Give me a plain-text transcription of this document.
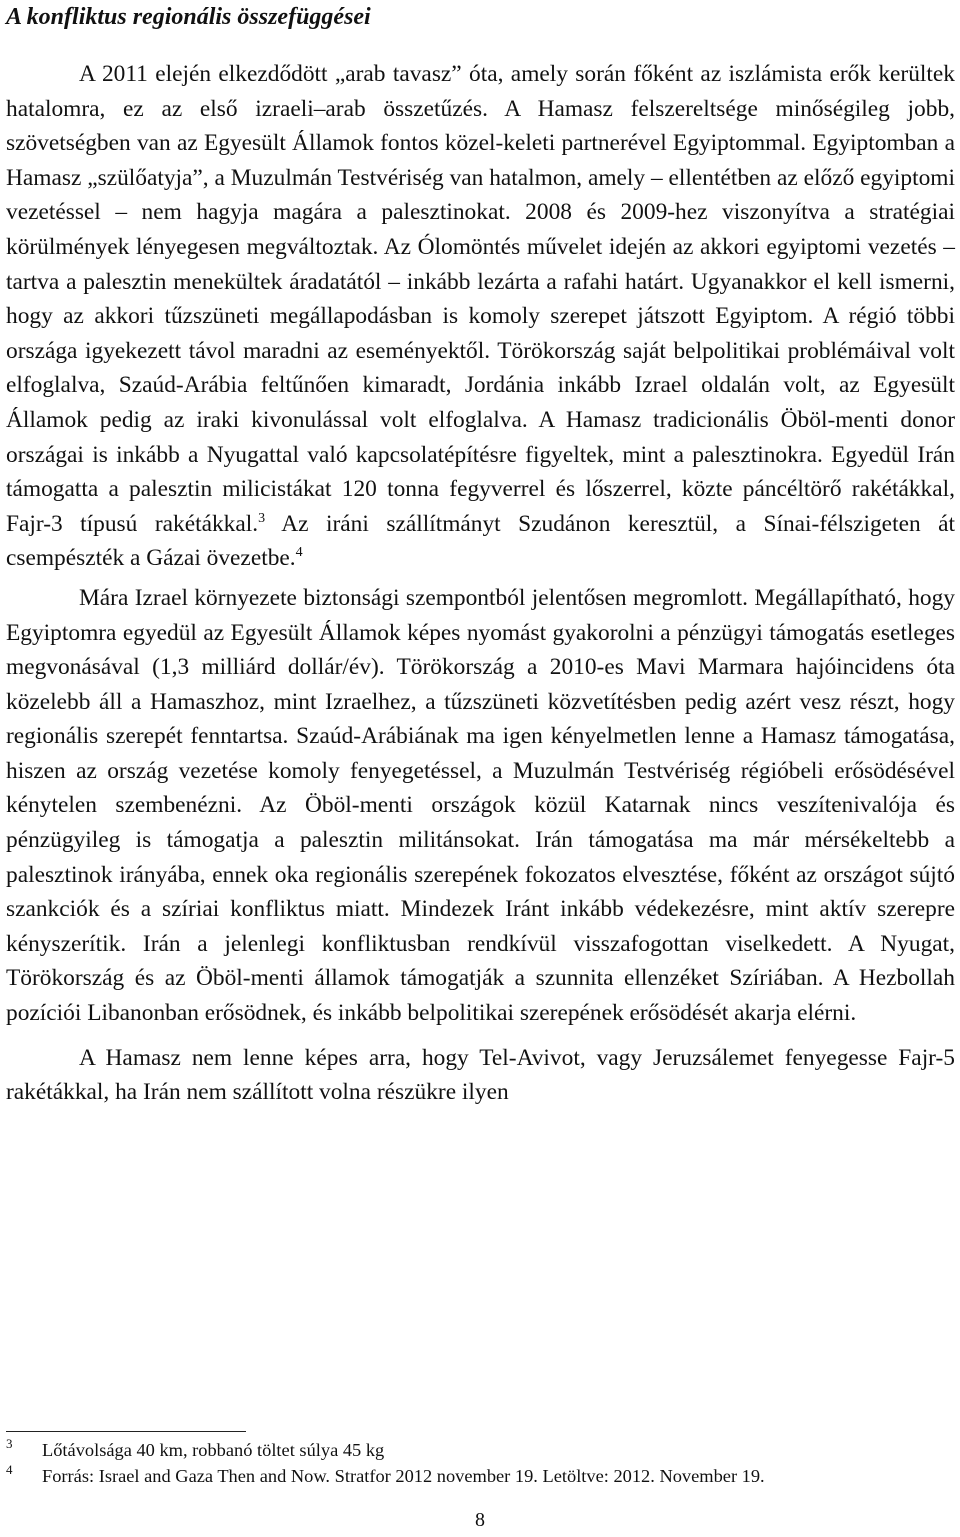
A konfliktus regionális összefüggései

A 2011 elején elkezdődött „arab tavasz” óta, amely során főként az iszlámista erők kerültek hatalomra, ez az első izraeli–arab összetűzés. A Hamasz felszereltsége minőségileg jobb, szövetségben van az Egyesült Államok fontos közel-keleti partnerével Egyiptommal. Egyiptomban a Hamasz „szülőatyja”, a Muzulmán Testvériség van hatalmon, amely – ellentétben az előző egyiptomi vezetéssel – nem hagyja magára a palesztinokat. 2008 és 2009-hez viszonyítva a stratégiai körülmények lényegesen megváltoztak. Az Ólomöntés művelet idején az akkori egyiptomi vezetés – tartva a palesztin menekültek áradatától – inkább lezárta a rafahi határt. Ugyanakkor el kell ismerni, hogy az akkori tűzszüneti megállapodásban is komoly szerepet játszott Egyiptom. A régió többi országa igyekezett távol maradni az eseményektől. Törökország saját belpolitikai problémáival volt elfoglalva, Szaúd-Arábia feltűnően kimaradt, Jordánia inkább Izrael oldalán volt, az Egyesült Államok pedig az iraki kivonulással volt elfoglalva. A Hamasz tradicionális Öböl-menti donor országai is inkább a Nyugattal való kapcsolatépítésre figyeltek, mint a palesztinokra. Egyedül Irán támogatta a palesztin milicistákat 120 tonna fegyverrel és lőszerrel, közte páncéltörő rakétákkal, Fajr-3 típusú rakétákkal.$^3$ Az iráni szállítmányt Szudánon keresztül, a Sínai-félszigeten át csempészték a Gázai övezetbe.$^4$

Mára Izrael környezete biztonsági szempontból jelentősen megromlott. Megállapítható, hogy Egyiptomra egyedül az Egyesült Államok képes nyomást gyakorolni a pénzügyi támogatás esetleges megvonásával (1,3 milliárd dollár/év). Törökország a 2010-es Mavi Marmara hajóincidens óta közelebb áll a Hamaszhoz, mint Izraelhez, a tűzszüneti közvetítésben pedig azért vesz részt, hogy regionális szerepét fenntartsa. Szaúd-Arábiának ma igen kényelmetlen lenne a Hamasz támogatása, hiszen az ország vezetése komoly fenyegetéssel, a Muzulmán Testvériség régióbeli erősödésével kénytelen szembenézni. Az Öböl-menti országok közül Katarnak nincs veszítenivalója és pénzügyileg is támogatja a palesztin militánsokat. Irán támogatása ma már mérsékeltebb a palesztinok irányába, ennek oka regionális szerepének fokozatos elvesztése, főként az országot sújtó szankciók és a szíriai konfliktus miatt. Mindezek Iránt inkább védekezésre, mint aktív szerepre kényszerítik. Irán a jelenlegi konfliktusban rendkívül visszafogottan viselkedett. A Nyugat, Törökország és az Öböl-menti államok támogatják a szunnita ellenzéket Szíriában. A Hezbollah pozíciói Libanonban erősödnek, és inkább belpolitikai szerepének erősödését akarja elérni.

A Hamasz nem lenne képes arra, hogy Tel-Avivot, vagy Jeruzsálemet fenyegesse Fajr-5 rakétákkal, ha Irán nem szállított volna részükre ilyen

3 Lőtávolsága 40 km, robbanó töltet súlya 45 kg
4 Forrás: Israel and Gaza Then and Now. Stratfor 2012 november 19. Letöltve: 2012. November 19.
8
